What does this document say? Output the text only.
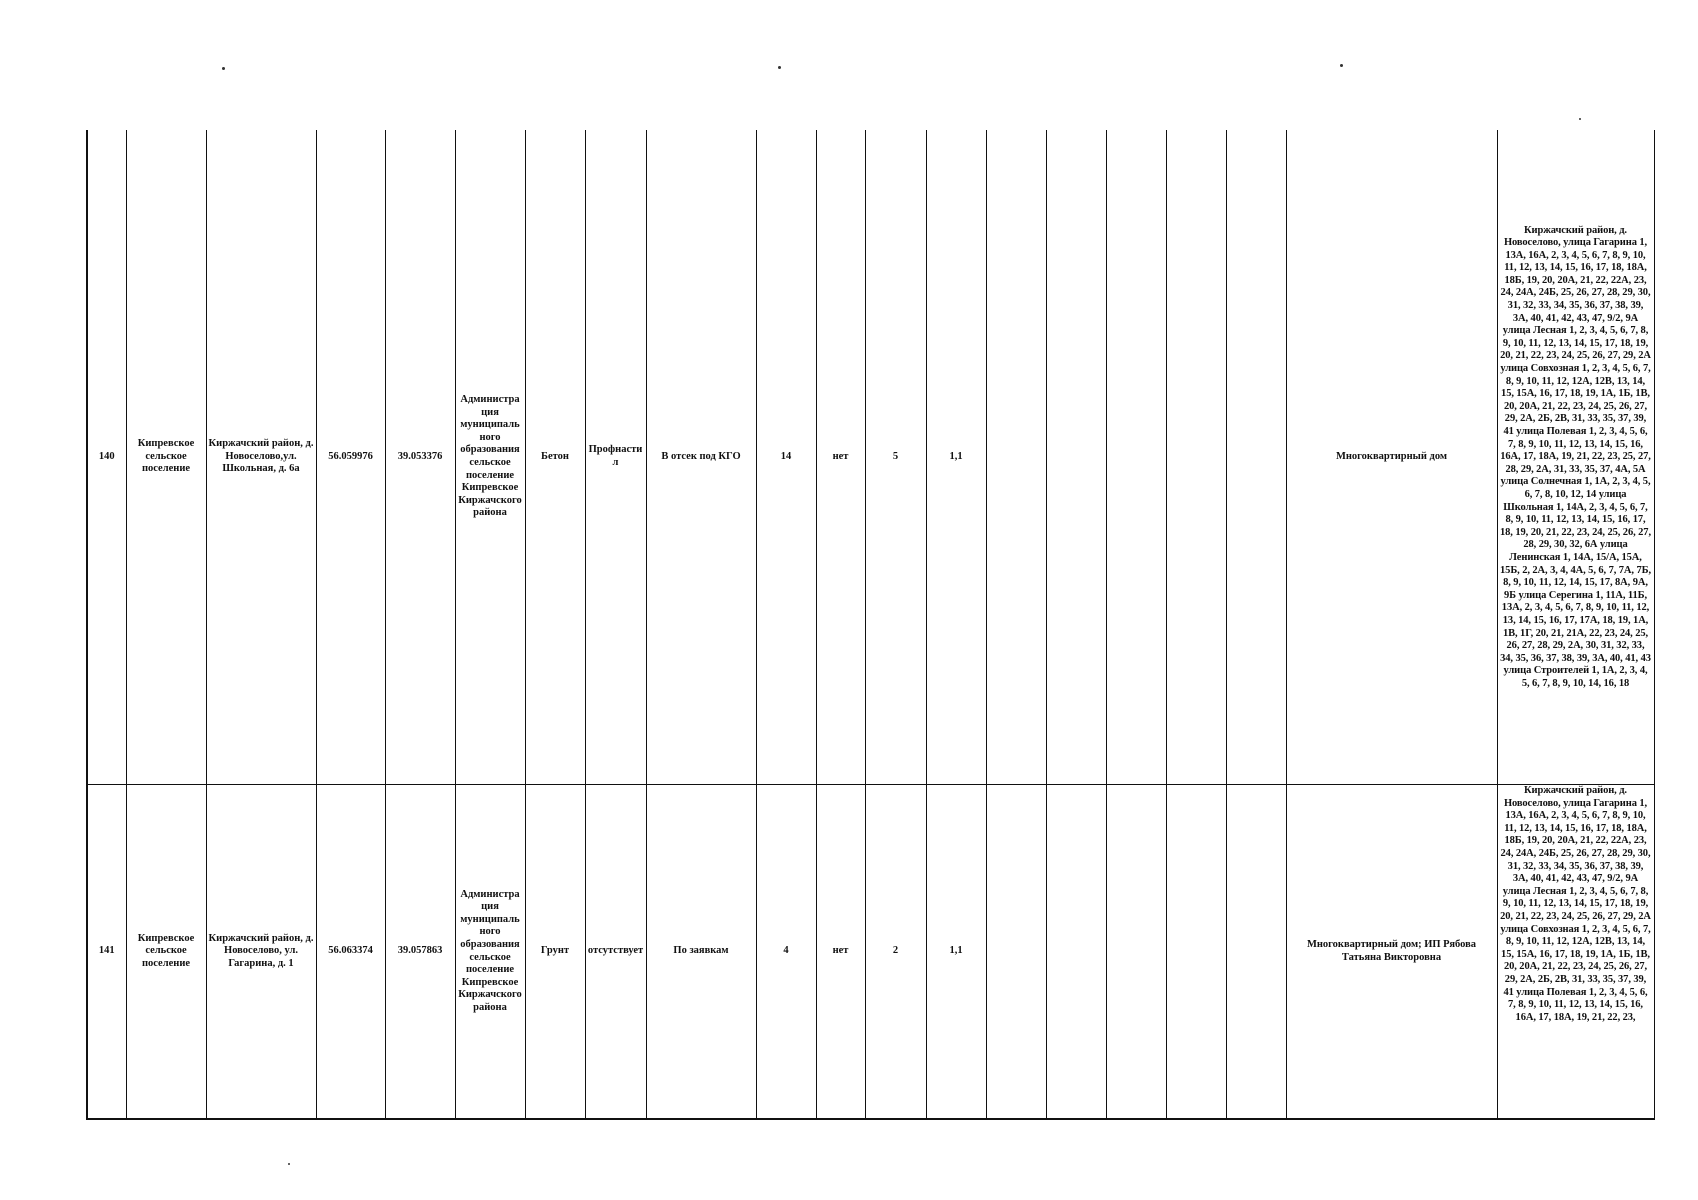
140	Кипревское сельское поселение	Киржачский район, д. Новоселово,ул. Школьная, д. 6а	56.059976	39.053376	Администрация муниципального образования сельское поселение Кипревское Киржачского района	Бетон	Профнастил	В отсек под КГО	14	нет	5	1,1						Многоквартирный дом	Киржачский район, д. Новоселово, улица Гагарина 1, 13А, 16А, 2, 3, 4, 5, 6, 7, 8, 9, 10, 11, 12, 13, 14, 15, 16, 17, 18, 18А, 18Б, 19, 20, 20А, 21, 22, 22А, 23, 24, 24А, 24Б, 25, 26, 27, 28, 29, 30, 31, 32, 33, 34, 35, 36, 37, 38, 39, 3А, 40, 41, 42, 43, 47, 9/2, 9А улица Лесная 1, 2, 3, 4, 5, 6, 7, 8, 9, 10, 11, 12, 13, 14, 15, 17, 18, 19, 20, 21, 22, 23, 24, 25, 26, 27, 29, 2А улица Совхозная 1, 2, 3, 4, 5, 6, 7, 8, 9, 10, 11, 12, 12А, 12В, 13, 14, 15, 15А, 16, 17, 18, 19, 1А, 1Б, 1В, 20, 20А, 21, 22, 23, 24, 25, 26, 27, 29, 2А, 2Б, 2В, 31, 33, 35, 37, 39, 41 улица Полевая 1, 2, 3, 4, 5, 6, 7, 8, 9, 10, 11, 12, 13, 14, 15, 16, 16А, 17, 18А, 19, 21, 22, 23, 25, 27, 28, 29, 2А, 31, 33, 35, 37, 4А, 5А улица Солнечная 1, 1А, 2, 3, 4, 5, 6, 7, 8, 10, 12, 14 улица Школьная 1, 14А, 2, 3, 4, 5, 6, 7, 8, 9, 10, 11, 12, 13, 14, 15, 16, 17, 18, 19, 20, 21, 22, 23, 24, 25, 26, 27, 28, 29, 30, 32, 6А улица Ленинская 1, 14А, 15/А, 15А, 15Б, 2, 2А, 3, 4, 4А, 5, 6, 7, 7А, 7Б, 8, 9, 10, 11, 12, 14, 15, 17, 8А, 9А, 9Б улица Серегина 1, 11А, 11Б, 13А, 2, 3, 4, 5, 6, 7, 8, 9, 10, 11, 12, 13, 14, 15, 16, 17, 17А, 18, 19, 1А, 1В, 1Г, 20, 21, 21А, 22, 23, 24, 25, 26, 27, 28, 29, 2А, 30, 31, 32, 33, 34, 35, 36, 37, 38, 39, 3А, 40, 41, 43 улица Строителей 1, 1А, 2, 3, 4, 5, 6, 7, 8, 9, 10, 14, 16, 18
141	Кипревское сельское поселение	Киржачский район, д. Новоселово, ул. Гагарина, д. 1	56.063374	39.057863	Администрация муниципального образования сельское поселение Кипревское Киржачского района	Грунт	отсутствует	По заявкам	4	нет	2	1,1						Многоквартирный дом; ИП Рябова Татьяна Викторовна	Киржачский район, д. Новоселово, улица Гагарина 1, 13А, 16А, 2, 3, 4, 5, 6, 7, 8, 9, 10, 11, 12, 13, 14, 15, 16, 17, 18, 18А, 18Б, 19, 20, 20А, 21, 22, 22А, 23, 24, 24А, 24Б, 25, 26, 27, 28, 29, 30, 31, 32, 33, 34, 35, 36, 37, 38, 39, 3А, 40, 41, 42, 43, 47, 9/2, 9А улица Лесная 1, 2, 3, 4, 5, 6, 7, 8, 9, 10, 11, 12, 13, 14, 15, 17, 18, 19, 20, 21, 22, 23, 24, 25, 26, 27, 29, 2А улица Совхозная 1, 2, 3, 4, 5, 6, 7, 8, 9, 10, 11, 12, 12А, 12В, 13, 14, 15, 15А, 16, 17, 18, 19, 1А, 1Б, 1В, 20, 20А, 21, 22, 23, 24, 25, 26, 27, 29, 2А, 2Б, 2В, 31, 33, 35, 37, 39, 41 улица Полевая 1, 2, 3, 4, 5, 6, 7, 8, 9, 10, 11, 12, 13, 14, 15, 16, 16А, 17, 18А, 19, 21, 22, 23,
